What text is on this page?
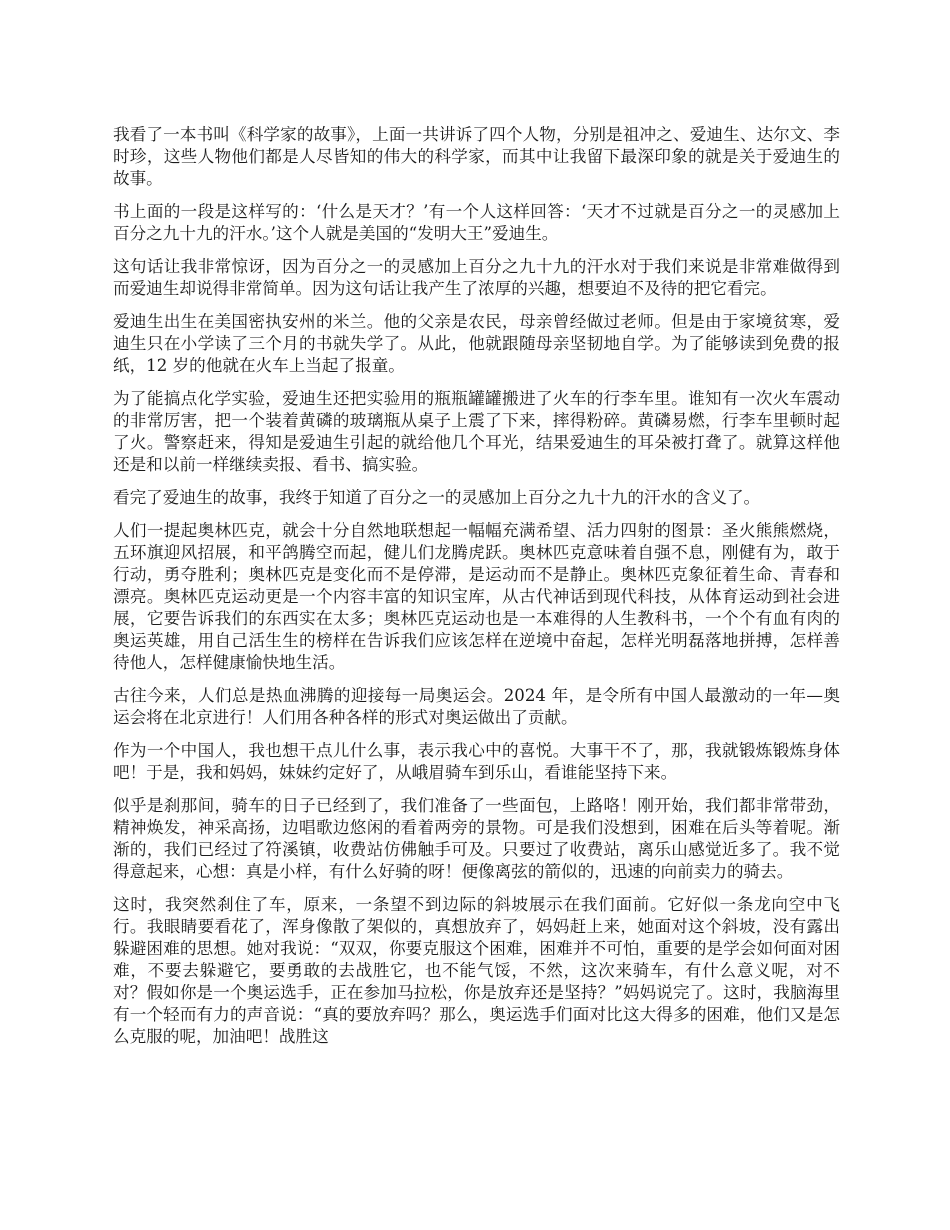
我看了一本书叫《科学家的故事》，上面一共讲诉了四个人物，分别是祖冲之、爱迪生、达尔文、李时珍，这些人物他们都是人尽皆知的伟大的科学家，而其中让我留下最深印象的就是关于爱迪生的故事。

书上面的一段是这样写的：‘什么是天才？’有一个人这样回答：‘天才不过就是百分之一的灵感加上百分之九十九的汗水。’这个人就是美国的“发明大王”爱迪生。

这句话让我非常惊讶，因为百分之一的灵感加上百分之九十九的汗水对于我们来说是非常难做得到而爱迪生却说得非常简单。因为这句话让我产生了浓厚的兴趣，想要迫不及待的把它看完。

爱迪生出生在美国密执安州的米兰。他的父亲是农民，母亲曾经做过老师。但是由于家境贫寒，爱迪生只在小学读了三个月的书就失学了。从此，他就跟随母亲坚韧地自学。为了能够读到免费的报纸，12 岁的他就在火车上当起了报童。

为了能搞点化学实验，爱迪生还把实验用的瓶瓶罐罐搬进了火车的行李车里。谁知有一次火车震动的非常厉害，把一个装着黄磷的玻璃瓶从桌子上震了下来，摔得粉碎。黄磷易燃，行李车里顿时起了火。警察赶来，得知是爱迪生引起的就给他几个耳光，结果爱迪生的耳朵被打聋了。就算这样他还是和以前一样继续卖报、看书、搞实验。

看完了爱迪生的故事，我终于知道了百分之一的灵感加上百分之九十九的汗水的含义了。

人们一提起奥林匹克，就会十分自然地联想起一幅幅充满希望、活力四射的图景：圣火熊熊燃烧，五环旗迎风招展，和平鸽腾空而起，健儿们龙腾虎跃。奥林匹克意味着自强不息，刚健有为，敢于行动，勇夺胜利；奥林匹克是变化而不是停滞，是运动而不是静止。奥林匹克象征着生命、青春和漂亮。奥林匹克运动更是一个内容丰富的知识宝库，从古代神话到现代科技，从体育运动到社会进展，它要告诉我们的东西实在太多；奥林匹克运动也是一本难得的人生教科书，一个个有血有肉的奥运英雄，用自己活生生的榜样在告诉我们应该怎样在逆境中奋起，怎样光明磊落地拼搏，怎样善待他人，怎样健康愉快地生活。

古往今来，人们总是热血沸腾的迎接每一局奥运会。2024 年，是令所有中国人最激动的一年—奥运会将在北京进行！人们用各种各样的形式对奥运做出了贡献。

作为一个中国人，我也想干点儿什么事，表示我心中的喜悦。大事干不了，那，我就锻炼锻炼身体吧！于是，我和妈妈，妹妹约定好了，从峨眉骑车到乐山，看谁能坚持下来。

似乎是刹那间，骑车的日子已经到了，我们准备了一些面包，上路咯！刚开始，我们都非常带劲，精神焕发，神采高扬，边唱歌边悠闲的看着两旁的景物。可是我们没想到，困难在后头等着呢。渐渐的，我们已经过了符溪镇，收费站仿佛触手可及。只要过了收费站，离乐山感觉近多了。我不觉得意起来，心想：真是小样，有什么好骑的呀！便像离弦的箭似的，迅速的向前卖力的骑去。

这时，我突然刹住了车，原来，一条望不到边际的斜坡展示在我们面前。它好似一条龙向空中飞行。我眼睛要看花了，浑身像散了架似的，真想放弃了，妈妈赶上来，她面对这个斜坡，没有露出躲避困难的思想。她对我说：“双双，你要克服这个困难，困难并不可怕，重要的是学会如何面对困难，不要去躲避它，要勇敢的去战胜它，也不能气馁，不然，这次来骑车，有什么意义呢，对不对？假如你是一个奥运选手，正在参加马拉松，你是放弃还是坚持？”妈妈说完了。这时，我脑海里有一个轻而有力的声音说：“真的要放弃吗？那么，奥运选手们面对比这大得多的困难，他们又是怎么克服的呢，加油吧！战胜这
